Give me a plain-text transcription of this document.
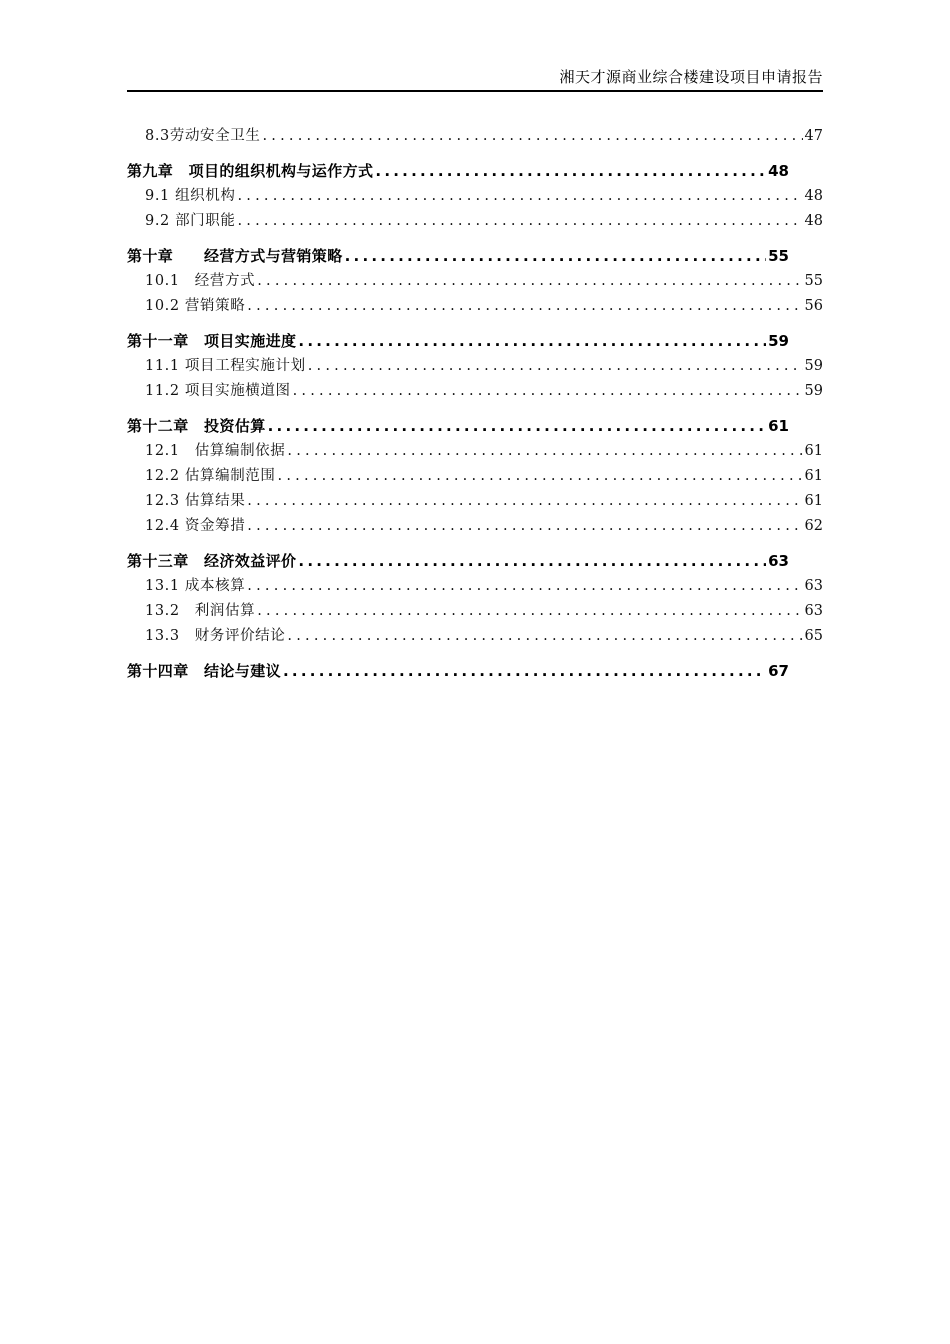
湘天才源商业综合楼建设项目申请报告
8.3劳动安全卫生 . . .	47
第九章　项目的组织机构与运作方式 . . .	48
9.1 组织机构 . . .	48
9.2 部门职能 . . .	48
第十章　　经营方式与营销策略 . . .	55
10.1　经营方式 . . .	55
10.2 营销策略 . . .	56
第十一章　项目实施进度 . . .	59
11.1 项目工程实施计划 . . .	59
11.2 项目实施横道图 . . .	59
第十二章　投资估算 . . .	61
12.1　估算编制依据 . . .	61
12.2 估算编制范围 . . .	61
12.3 估算结果 . . .	61
12.4 资金筹措 . . .	62
第十三章　经济效益评价 . . .	63
13.1 成本核算 . . .	63
13.2　利润估算 . . .	63
13.3　财务评价结论 . . .	65
第十四章　结论与建议 . . .	67
